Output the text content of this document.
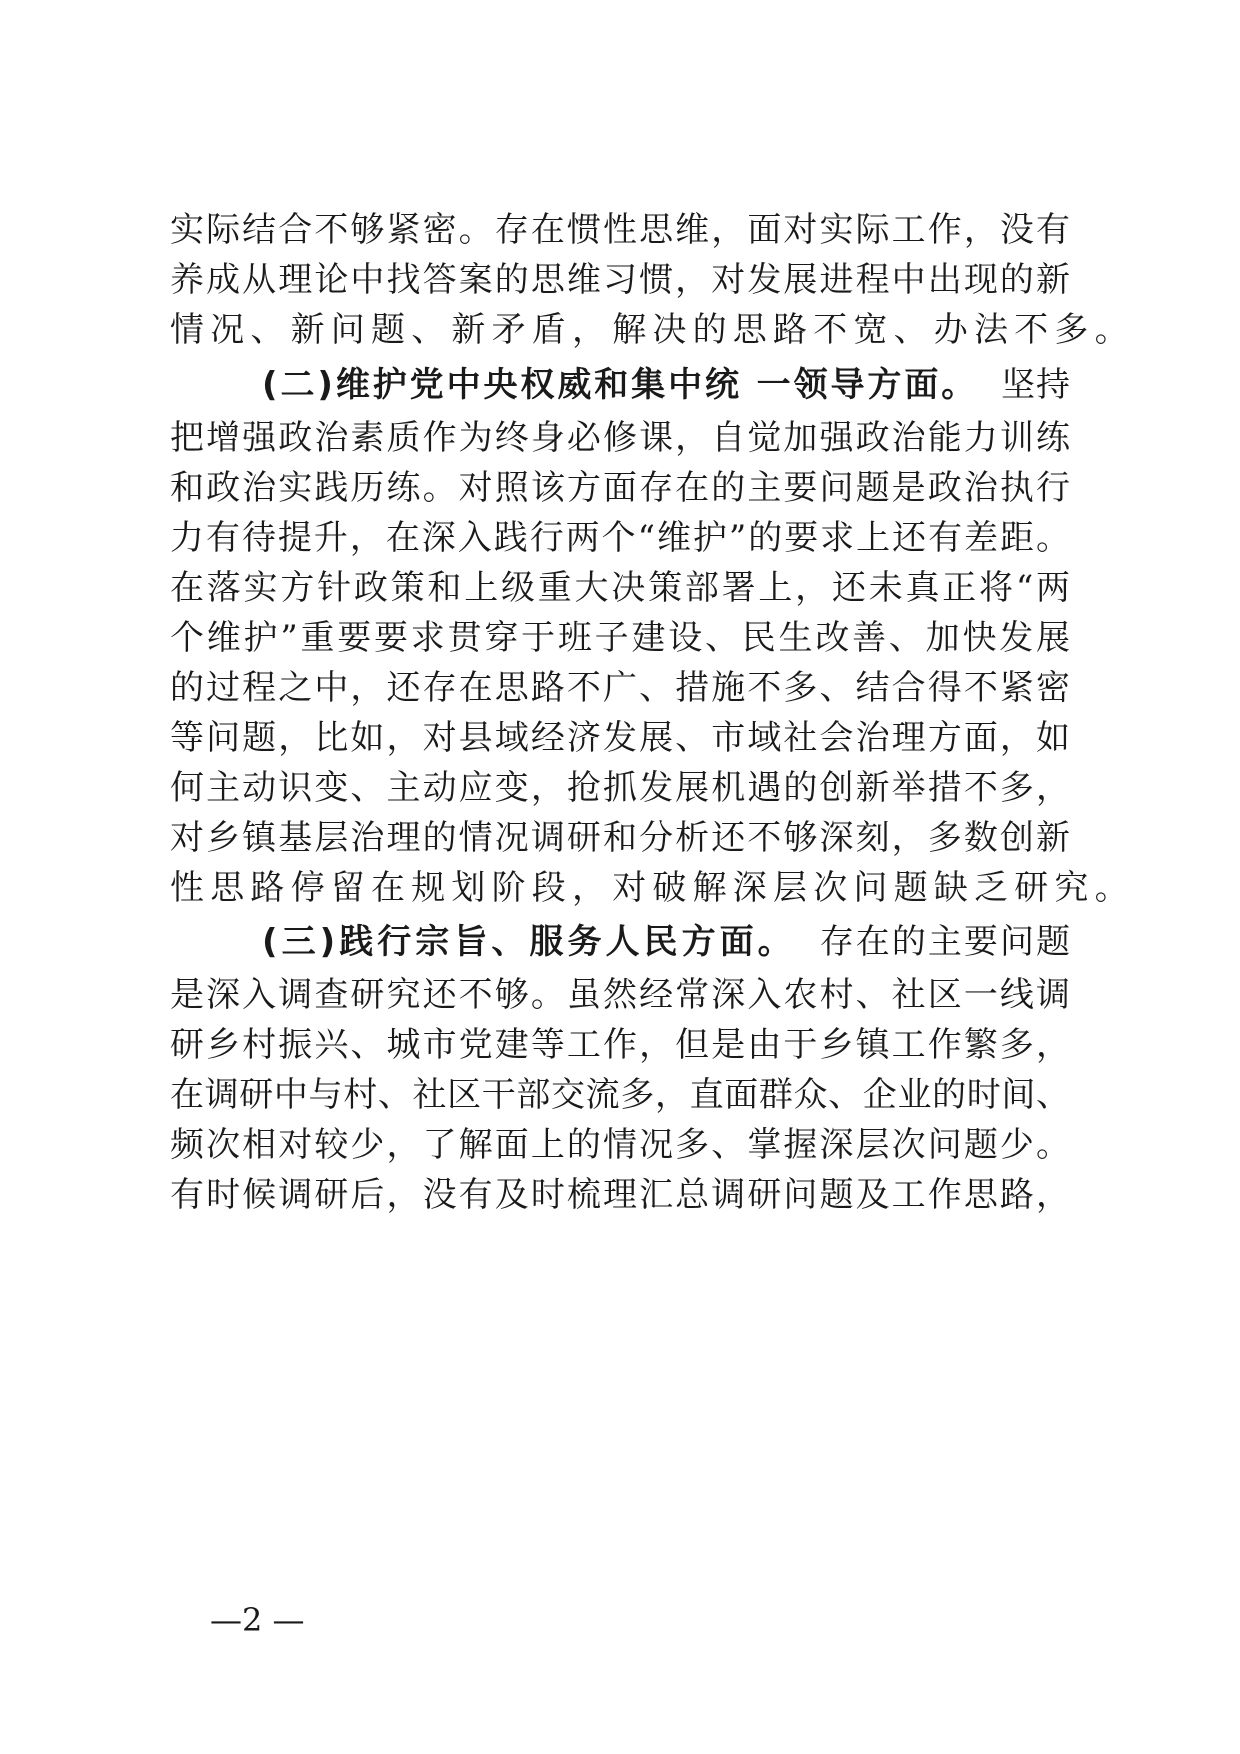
实际结合不够紧密。存在惯性思维，面对实际工作，没有
养成从理论中找答案的思维习惯，对发展进程中出现的新
情况、新问题、新矛盾，解决的思路不宽、办法不多。
(二)维护党中央权威和集中统 一领导方面。 坚持
把增强政治素质作为终身必修课，自觉加强政治能力训练
和政治实践历练。对照该方面存在的主要问题是政治执行
力有待提升，在深入践行两个“维护”的要求上还有差距。
在落实方针政策和上级重大决策部署上，还未真正将“两
个维护”重要要求贯穿于班子建设、民生改善、加快发展
的过程之中，还存在思路不广、措施不多、结合得不紧密
等问题，比如，对县域经济发展、市域社会治理方面，如
何主动识变、主动应变，抢抓发展机遇的创新举措不多，
对乡镇基层治理的情况调研和分析还不够深刻，多数创新
性思路停留在规划阶段，对破解深层次问题缺乏研究。
(三)践行宗旨、服务人民方面。 存在的主要问题
是深入调查研究还不够。虽然经常深入农村、社区一线调
研乡村振兴、城市党建等工作，但是由于乡镇工作繁多，
在调研中与村、社区干部交流多，直面群众、企业的时间、
频次相对较少，了解面上的情况多、掌握深层次问题少。
有时候调研后，没有及时梳理汇总调研问题及工作思路，
—2 —
